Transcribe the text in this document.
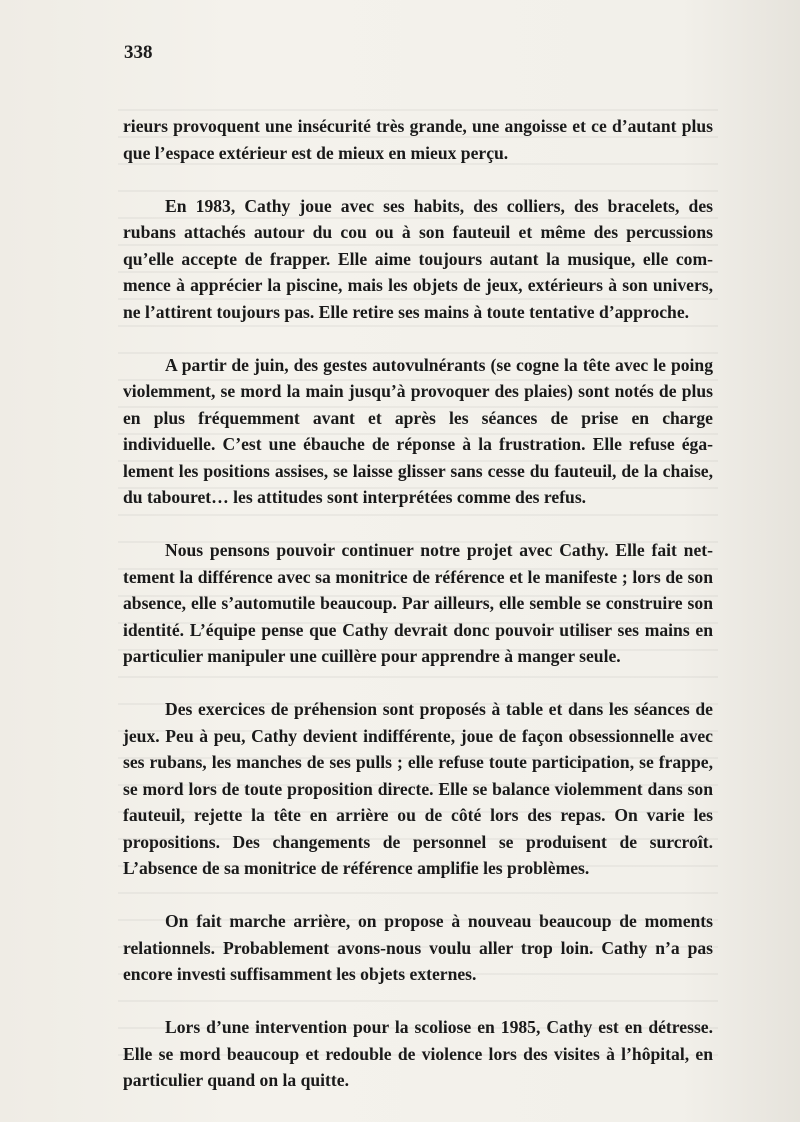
338

rieurs provoquent une insécurité très grande, une angoisse et ce d’autant plus que l’espace extérieur est de mieux en mieux perçu.

En 1983, Cathy joue avec ses habits, des colliers, des bracelets, des rubans attachés autour du cou ou à son fauteuil et même des percussions qu’elle accepte de frapper. Elle aime toujours autant la musique, elle commence à apprécier la piscine, mais les objets de jeux, extérieurs à son univers, ne l’attirent toujours pas. Elle retire ses mains à toute tentative d’approche.

A partir de juin, des gestes autovulnérants (se cogne la tête avec le poing violemment, se mord la main jusqu’à provoquer des plaies) sont notés de plus en plus fréquemment avant et après les séances de prise en charge individuelle. C’est une ébauche de réponse à la frustration. Elle refuse également les positions assises, se laisse glisser sans cesse du fauteuil, de la chaise, du tabouret… les attitudes sont interprétées comme des refus.

Nous pensons pouvoir continuer notre projet avec Cathy. Elle fait nettement la différence avec sa monitrice de référence et le manifeste ; lors de son absence, elle s’automutile beaucoup. Par ailleurs, elle semble se construire son identité. L’équipe pense que Cathy devrait donc pouvoir utiliser ses mains en particulier manipuler une cuillère pour apprendre à manger seule.

Des exercices de préhension sont proposés à table et dans les séances de jeux. Peu à peu, Cathy devient indifférente, joue de façon obsessionnelle avec ses rubans, les manches de ses pulls ; elle refuse toute participation, se frappe, se mord lors de toute proposition directe. Elle se balance violemment dans son fauteuil, rejette la tête en arrière ou de côté lors des repas. On varie les propositions. Des changements de personnel se produisent de surcroît. L’absence de sa monitrice de référence amplifie les problèmes.

On fait marche arrière, on propose à nouveau beaucoup de moments relationnels. Probablement avons-nous voulu aller trop loin. Cathy n’a pas encore investi suffisamment les objets externes.

Lors d’une intervention pour la scoliose en 1985, Cathy est en détresse. Elle se mord beaucoup et redouble de violence lors des visites à l’hôpital, en particulier quand on la quitte.
